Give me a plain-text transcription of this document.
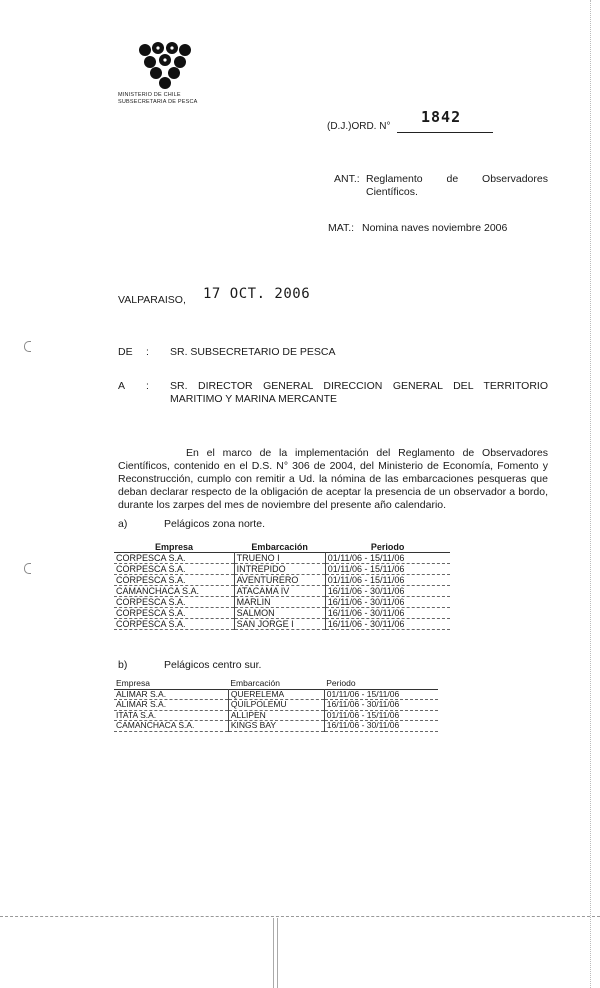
MINISTERIO DE CHILE
SUBSECRETARIA DE PESCA
(D.J.)ORD. N°
1842
ANT.: Reglamento de Observadores Científicos.
MAT.: Nomina naves noviembre 2006
VALPARAISO, 17 OCT. 2006
DE : SR. SUBSECRETARIO DE PESCA
A : SR. DIRECTOR GENERAL DIRECCION GENERAL DEL TERRITORIO MARITIMO Y MARINA MERCANTE
En el marco de la implementación del Reglamento de Observadores Científicos, contenido en el D.S. N° 306 de 2004, del Ministerio de Economía, Fomento y Reconstrucción, cumplo con remitir a Ud. la nómina de las embarcaciones pesqueras que deban declarar respecto de la obligación de aceptar la presencia de un observador a bordo, durante los zarpes del mes de noviembre del presente año calendario.
a)	Pelágicos zona norte.
Empresa	Embarcación	Periodo
CORPESCA S.A.	TRUENO I	01/11/06 - 15/11/06
CORPESCA S.A.	INTREPIDO	01/11/06 - 15/11/06
CORPESCA S.A.	AVENTURERO	01/11/06 - 15/11/06
CAMANCHACA S.A.	ATACAMA IV	16/11/06 - 30/11/06
CORPESCA S.A.	MARLIN	16/11/06 - 30/11/06
CORPESCA S.A.	SALMON	16/11/06 - 30/11/06
CORPESCA S.A.	SAN JORGE I	16/11/06 - 30/11/06
b)	Pelágicos centro sur.
Empresa	Embarcación	Periodo
ALIMAR S.A.	QUERELEMA	01/11/06 - 15/11/06
ALIMAR S.A.	QUILPOLEMU	16/11/06 - 30/11/06
ITATA S.A.	ALLIPEN	01/11/06 - 15/11/06
CAMANCHACA S.A.	KINGS BAY	16/11/06 - 30/11/06
